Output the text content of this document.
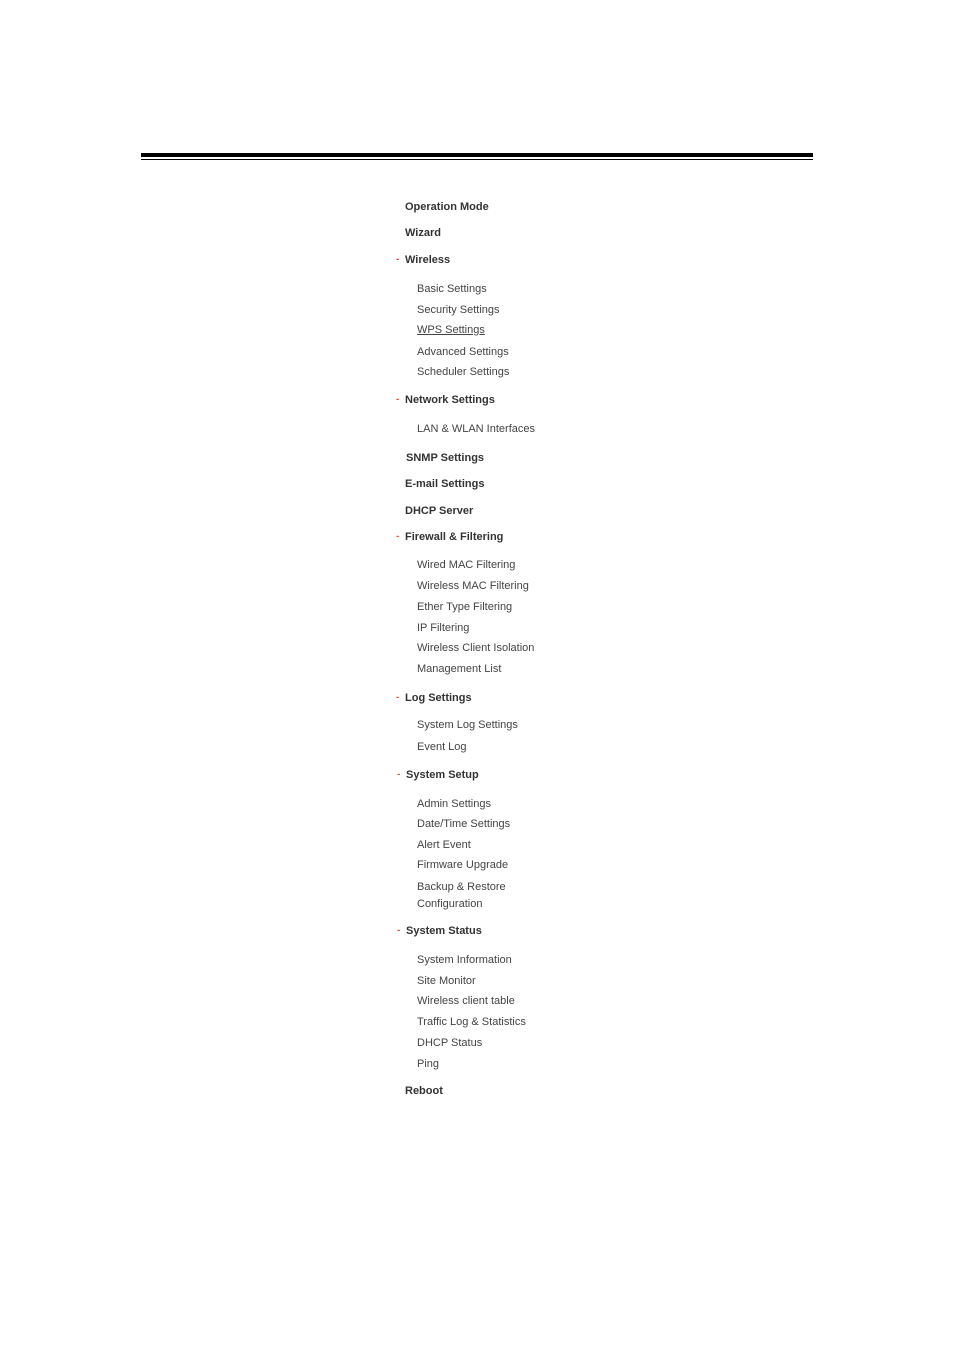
Operation Mode
Wizard
- Wireless
Basic Settings
Security Settings
WPS Settings
Advanced Settings
Scheduler Settings
- Network Settings
LAN & WLAN Interfaces
SNMP Settings
E-mail Settings
DHCP Server
- Firewall & Filtering
Wired MAC Filtering
Wireless MAC Filtering
Ether Type Filtering
IP Filtering
Wireless Client Isolation
Management List
- Log Settings
System Log Settings
Event Log
- System Setup
Admin Settings
Date/Time Settings
Alert Event
Firmware Upgrade
Backup & Restore
Configuration
- System Status
System Information
Site Monitor
Wireless client table
Traffic Log & Statistics
DHCP Status
Ping
Reboot
